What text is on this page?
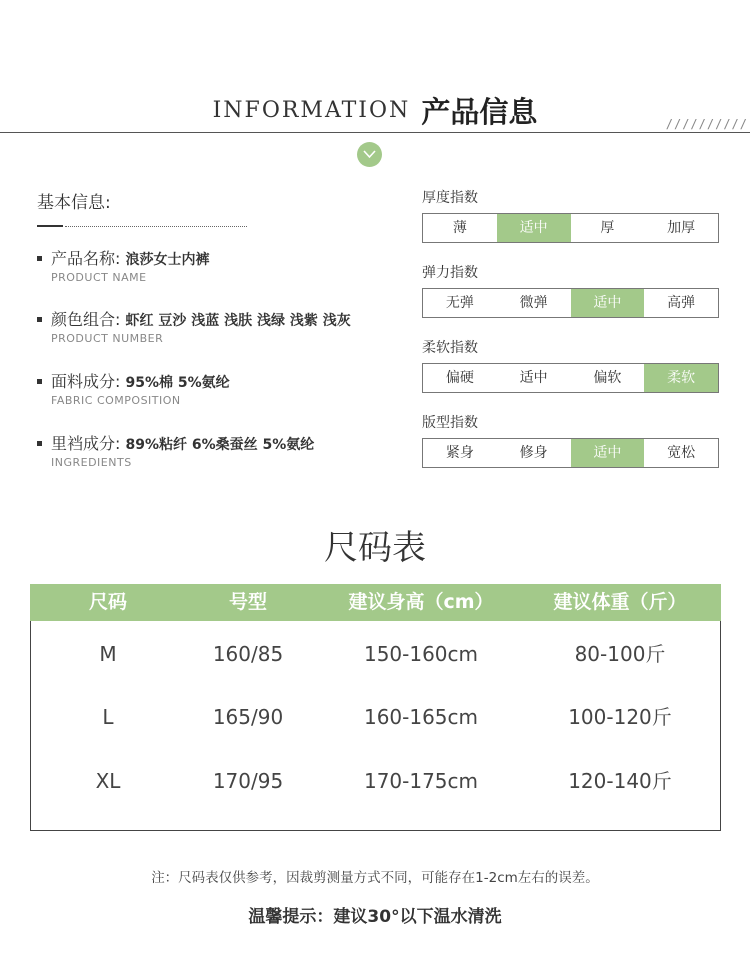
INFORMATION 产品信息	//////////
基本信息:
产品名称: 浪莎女士内裤
PRODUCT NAME
颜色组合: 虾红 豆沙 浅蓝 浅肤 浅绿 浅紫 浅灰
PRODUCT NUMBER
面料成分: 95%棉 5%氨纶
FABRIC COMPOSITION
里裆成分: 89%粘纤 6%桑蚕丝 5%氨纶
INGREDIENTS
厚度指数
薄	适中	厚	加厚
弹力指数
无弹	微弹	适中	高弹
柔软指数
偏硬	适中	偏软	柔软
版型指数
紧身	修身	适中	宽松
尺码表
尺码	号型	建议身高（cm）	建议体重（斤）
M	160/85	150-160cm	80-100斤
L	165/90	160-165cm	100-120斤
XL	170/95	170-175cm	120-140斤
注：尺码表仅供参考，因裁剪测量方式不同，可能存在1-2cm左右的误差。
温馨提示：建议30°以下温水清洗
